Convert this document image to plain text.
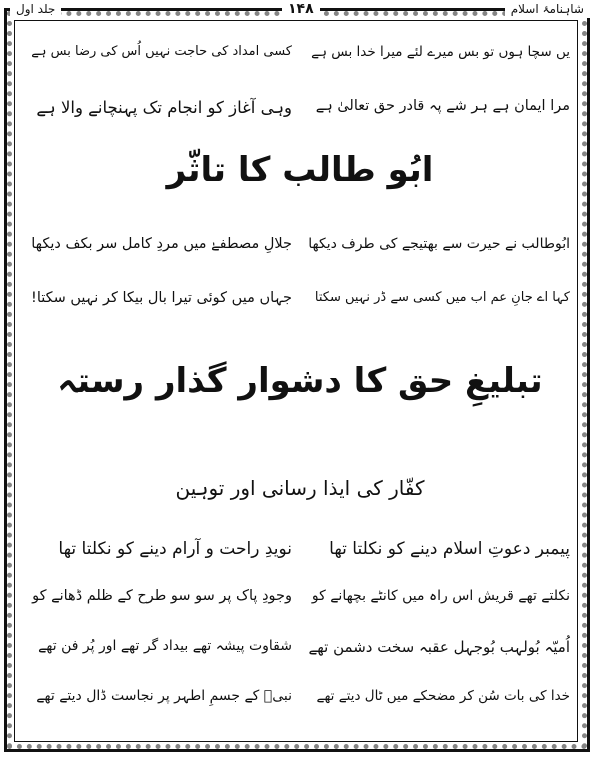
شاہنامۂ اسلام
۱۴۸
جلد اول
یں سچا ہوں تو بس میرے لئے میرا خدا بس ہے
کسی امداد کی حاجت نہیں اُس کی رضا بس ہے
مرا ایمان ہے ہر شے پہ قادر حق تعالیٰ ہے
وہی آغاز کو انجام تک پہنچانے والا ہے
ابُو طالب کا تاثّر
ابُوطالب نے حیرت سے بھتیجے کی طرف دیکھا
جلالِ مصطفےٰ میں مردِ کامل سر بکف دیکھا
کہا اے جانِ عم اب میں کسی سے ڈر نہیں سکتا
جہاں میں کوئی تیرا بال بیکا کر نہیں سکتا!
تبلیغِ حق کا دشوار گذار رستہ
کفّار کی ایذا رسانی اور توہین
پیمبر دعوتِ اسلام دینے کو نکلتا تھا
نویدِ راحت و آرام دینے کو نکلتا تھا
نکلتے تھے قریش اس راہ میں کانٹے بچھانے کو
وجودِ پاک پر سو سو طرح کے ظلم ڈھانے کو
اُمیّہ بُولہب بُوجہل عقبہ سخت دشمن تھے
شقاوت پیشہ تھے بیداد گر تھے اور پُر فن تھے
خدا کی بات سُن کر مضحکے میں ٹال دیتے تھے
نبیؐ کے جسمِ اطہر پر نجاست ڈال دیتے تھے
